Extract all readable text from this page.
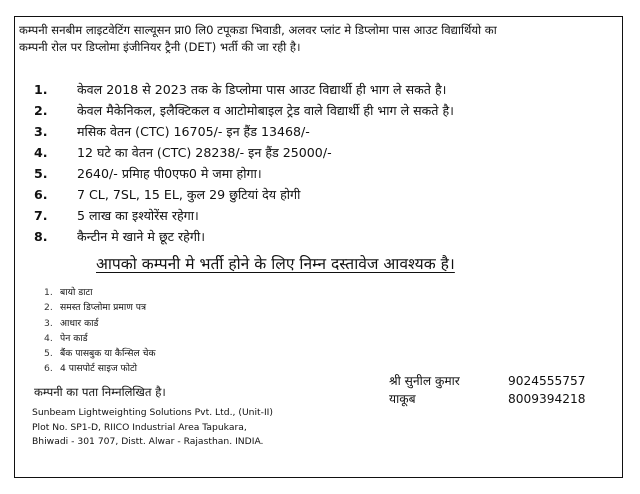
कम्पनी सनबीम लाइटवेटिंग साल्यूसन प्रा0 लि0 टपूकडा भिवाडी, अलवर प्लांट मे डिप्लोमा पास आउट विद्यार्थियो का
कम्पनी रोल पर डिप्लोमा इंजीनियर ट्रैनी (DET) भर्ती की जा रही है।
1.	केवल 2018 से 2023 तक के डिप्लोमा पास आउट विद्यार्थी ही भाग ले सकते है।
2.	केवल मैकेनिकल, इलैक्टिकल व आटोमोबाइल ट्रेड वाले विद्यार्थी ही भाग ले सकते है।
3.	मसिक वेतन (CTC) 16705/- इन हैंड 13468/-
4.	12 घटे का वेतन (CTC) 28238/- इन हैंड 25000/-
5.	2640/- प्रमिाह पी0एफ0 मे जमा होगा।
6.	7 CL, 7SL, 15 EL, कुल 29 छुटियां देय होगी
7.	5 लाख का इश्योरेंस रहेगा।
8.	कैन्टीन मे खाने मे छूट रहेगी।
आपको कम्पनी मे भर्ती होने के लिए निम्न दस्तावेज आवश्यक है।
1. बायो डाटा
2. समस्त डिप्लोमा प्रमाण पत्र
3. आधार कार्ड
4. पेन कार्ड
5. बैंक पासबुक या कैन्सिल चेक
6. 4 पासपोर्ट साइज फोटो
कम्पनी का पता निम्नलिखित है।
Sunbeam Lightweighting Solutions Pvt. Ltd., (Unit-II)
Plot No. SP1-D, RIICO Industrial Area Tapukara,
Bhiwadi - 301 707, Distt. Alwar - Rajasthan. INDIA.
श्री सुनील कुमार	9024555757
याकूब	8009394218
